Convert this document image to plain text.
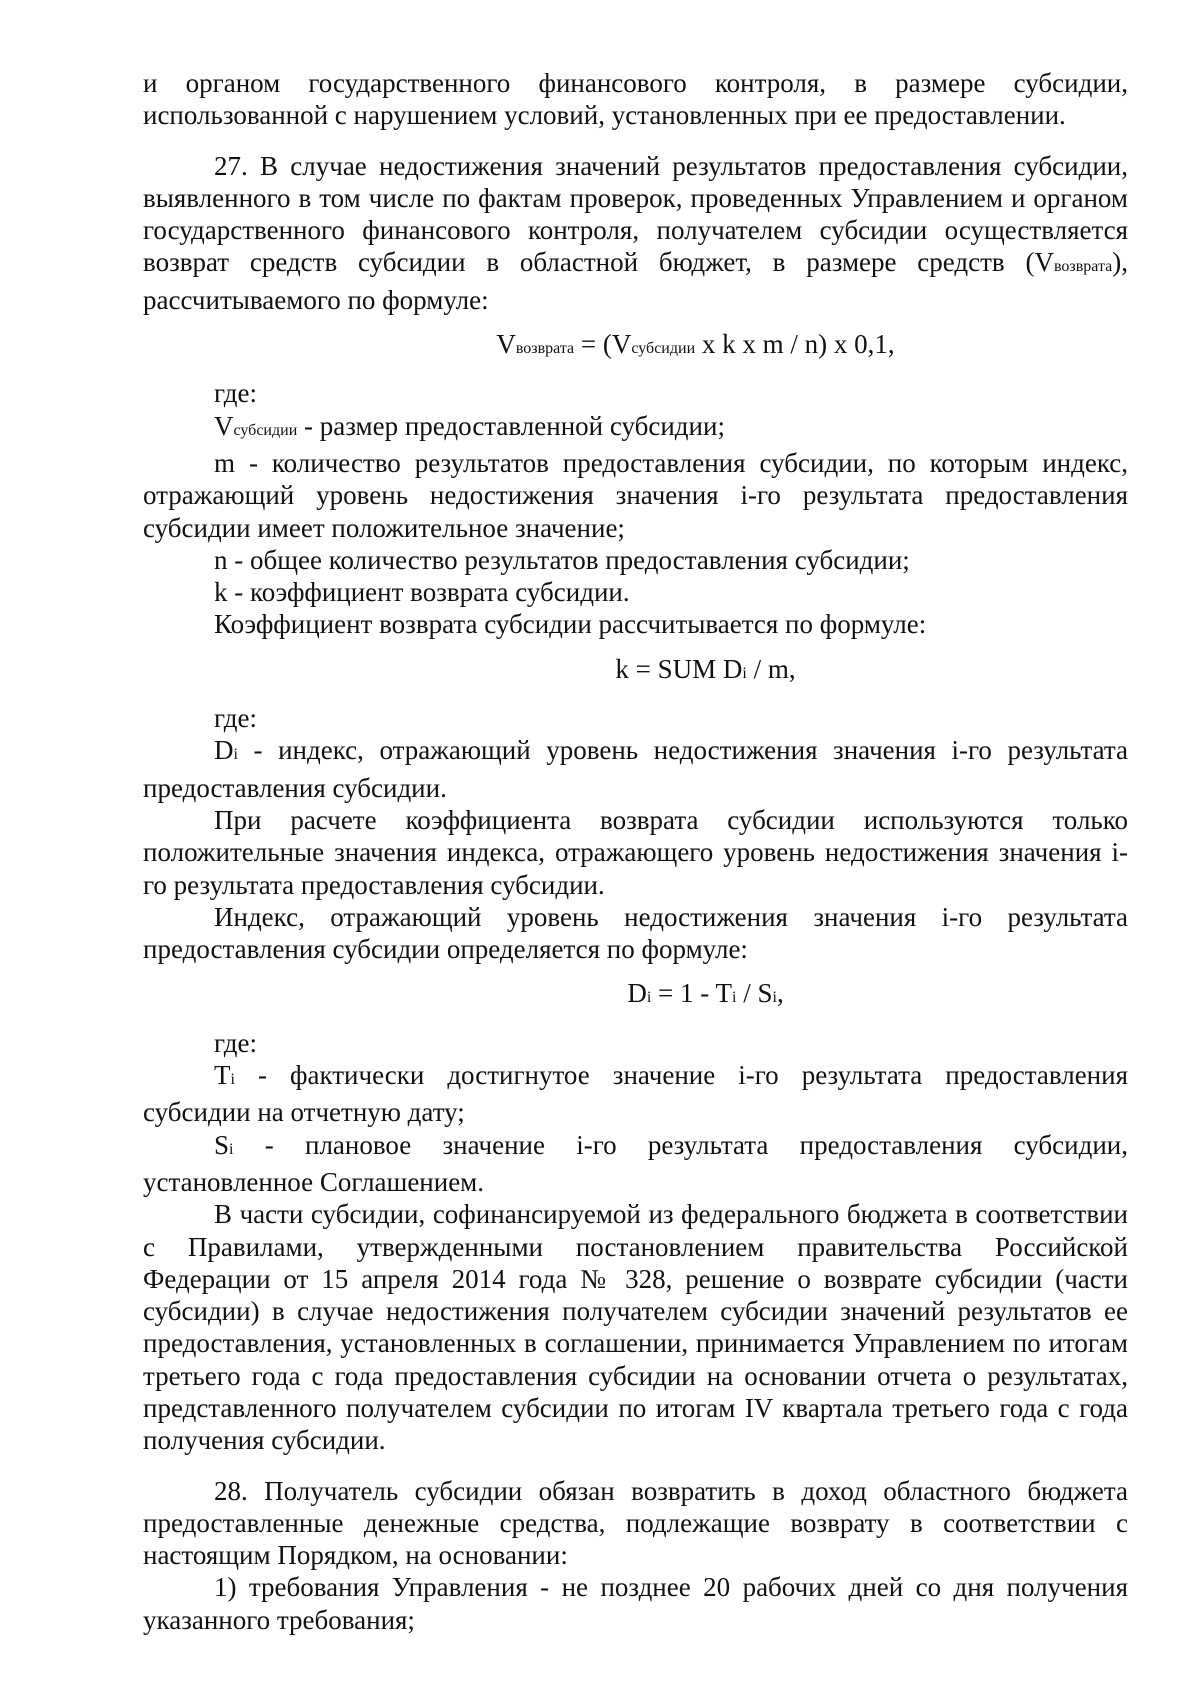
и органом государственного финансового контроля, в размере субсидии, использованной с нарушением условий, установленных при ее предоставлении.

27. В случае недостижения значений результатов предоставления субсидии, выявленного в том числе по фактам проверок, проведенных Управлением и органом государственного финансового контроля, получателем субсидии осуществляется возврат средств субсидии в областной бюджет, в размере средств (Vвозврата), рассчитываемого по формуле:

Vвозврата = (Vсубсидии x k x m / n) x 0,1,

где:

Vсубсидии - размер предоставленной субсидии;

m - количество результатов предоставления субсидии, по которым индекс, отражающий уровень недостижения значения i-го результата предоставления субсидии имеет положительное значение;

n - общее количество результатов предоставления субсидии;

k - коэффициент возврата субсидии.

Коэффициент возврата субсидии рассчитывается по формуле:

k = SUM Di / m,

где:

Di - индекс, отражающий уровень недостижения значения i-го результата предоставления субсидии.

При расчете коэффициента возврата субсидии используются только положительные значения индекса, отражающего уровень недостижения значения i-го результата предоставления субсидии.

Индекс, отражающий уровень недостижения значения i-го результата предоставления субсидии определяется по формуле:

Di = 1 - Ti / Si,

где:

Ti - фактически достигнутое значение i-го результата предоставления субсидии на отчетную дату;

Si - плановое значение i-го результата предоставления субсидии, установленное Соглашением.

В части субсидии, софинансируемой из федерального бюджета в соответствии с Правилами, утвержденными постановлением правительства Российской Федерации от 15 апреля 2014 года № 328, решение о возврате субсидии (части субсидии) в случае недостижения получателем субсидии значений результатов ее предоставления, установленных в соглашении, принимается Управлением по итогам третьего года с года предоставления субсидии на основании отчета о результатах, представленного получателем субсидии по итогам IV квартала третьего года с года получения субсидии.

28. Получатель субсидии обязан возвратить в доход областного бюджета предоставленные денежные средства, подлежащие возврату в соответствии с настоящим Порядком, на основании:

1) требования Управления - не позднее 20 рабочих дней со дня получения указанного требования;
